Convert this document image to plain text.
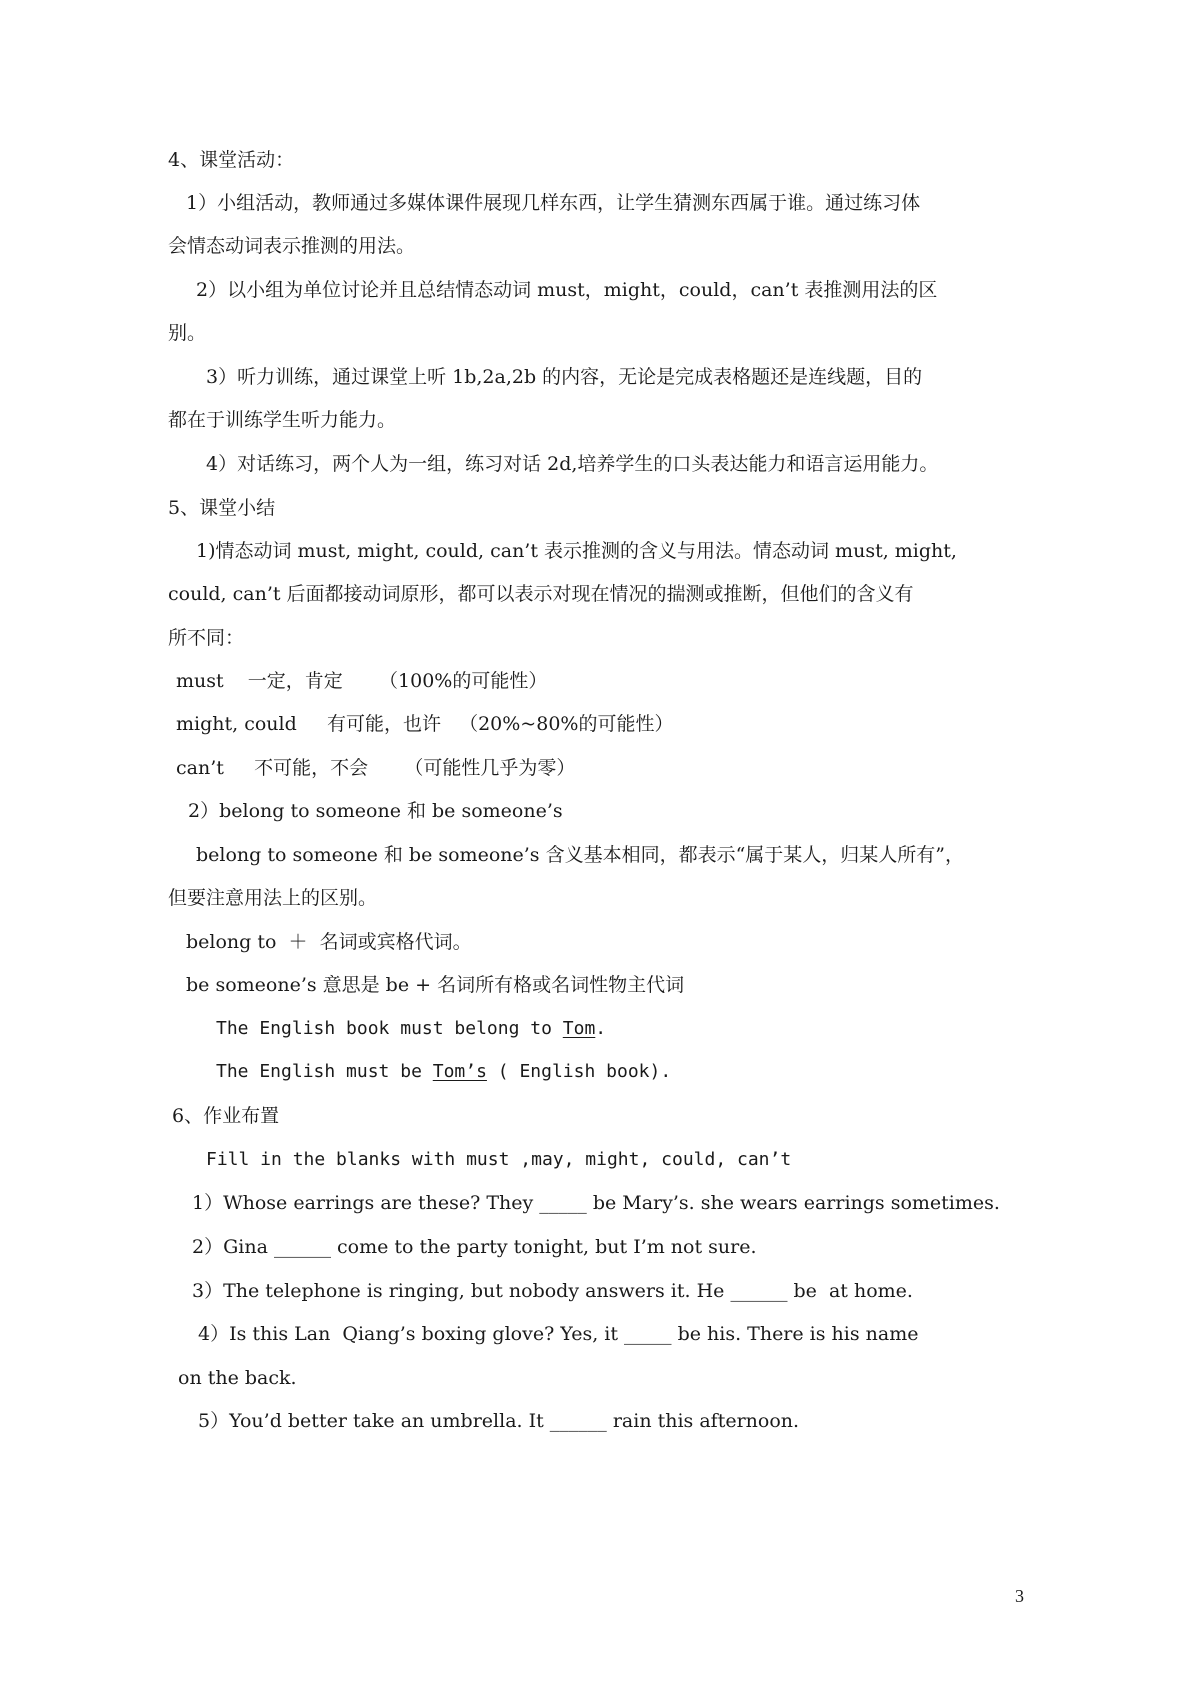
4、课堂活动：
1）小组活动，教师通过多媒体课件展现几样东西，让学生猜测东西属于谁。通过练习体
会情态动词表示推测的用法。
2）以小组为单位讨论并且总结情态动词 must，might，could，can’t 表推测用法的区
别。
3）听力训练，通过课堂上听 1b,2a,2b 的内容，无论是完成表格题还是连线题，目的
都在于训练学生听力能力。
4）对话练习，两个人为一组，练习对话 2d,培养学生的口头表达能力和语言运用能力。
5、课堂小结
1)情态动词 must, might, could, can’t 表示推测的含义与用法。情态动词 must, might,
could, can’t 后面都接动词原形，都可以表示对现在情况的揣测或推断，但他们的含义有
所不同：
must    一定，肯定      （100%的可能性）
might, could     有可能，也许   （20%~80%的可能性）
can’t     不可能，不会      （可能性几乎为零）
2）belong to someone 和 be someone’s
belong to someone 和 be someone’s 含义基本相同，都表示“属于某人，归某人所有”，
但要注意用法上的区别。
belong to  ＋  名词或宾格代词。
be someone’s 意思是 be + 名词所有格或名词性物主代词
The English book must belong to Tom.
The English must be Tom’s ( English book).
6、作业布置
Fill in the blanks with must ,may, might, could, can’t
1）Whose earrings are these? They _____ be Mary’s. she wears earrings sometimes.
2）Gina ______ come to the party tonight, but I’m not sure.
3）The telephone is ringing, but nobody answers it. He ______ be  at home.
4）Is this Lan  Qiang’s boxing glove? Yes, it _____ be his. There is his name
on the back.
5）You’d better take an umbrella. It ______ rain this afternoon.
3
